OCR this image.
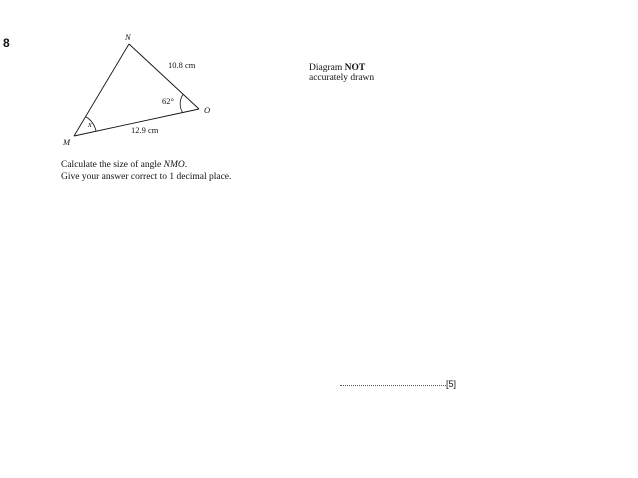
8	N
M
O
10.8 cm
12.9 cm
62°
x
Diagram NOT
accurately drawn
Calculate the size of angle NMO.
Give your answer correct to 1 decimal place.
[5]
